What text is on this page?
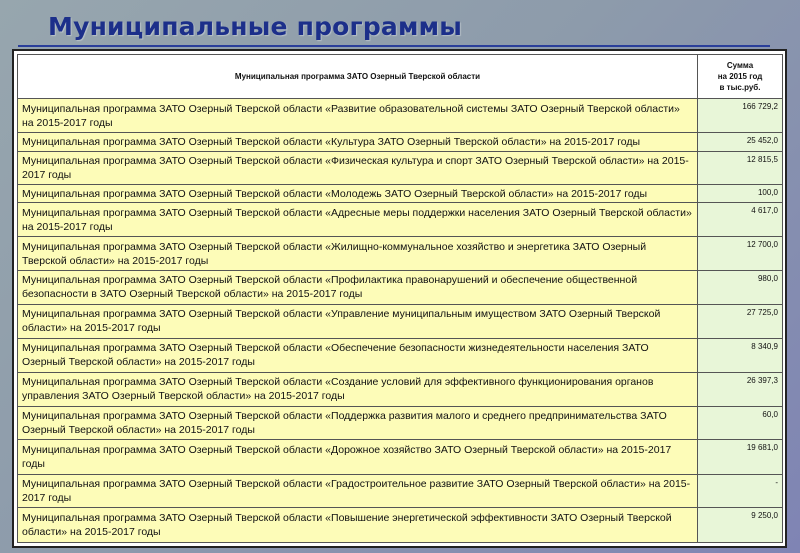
Муниципальные программы
Муниципальная программа ЗАТО Озерный Тверской области	Сумма
на 2015 год
в тыс.руб.
Муниципальная программа ЗАТО Озерный Тверской области «Развитие образовательной системы ЗАТО Озерный Тверской области» на 2015-2017 годы	166 729,2
Муниципальная программа ЗАТО Озерный Тверской области «Культура ЗАТО Озерный Тверской области» на 2015-2017 годы	25 452,0
Муниципальная программа ЗАТО Озерный Тверской области «Физическая культура и спорт ЗАТО Озерный Тверской области» на 2015-2017 годы	12 815,5
Муниципальная программа ЗАТО Озерный Тверской области «Молодежь ЗАТО Озерный Тверской области» на 2015-2017 годы	100,0
Муниципальная программа ЗАТО Озерный Тверской области «Адресные меры поддержки населения ЗАТО Озерный Тверской области» на 2015-2017 годы	4 617,0
Муниципальная программа ЗАТО Озерный Тверской области «Жилищно-коммунальное хозяйство и энергетика ЗАТО Озерный Тверской области» на 2015-2017 годы	12 700,0
Муниципальная программа ЗАТО Озерный Тверской области «Профилактика правонарушений и обеспечение общественной безопасности в ЗАТО Озерный Тверской области» на 2015-2017 годы	980,0
Муниципальная программа ЗАТО Озерный Тверской области «Управление муниципальным имуществом ЗАТО Озерный Тверской области» на 2015-2017 годы	27 725,0
Муниципальная программа ЗАТО Озерный Тверской области «Обеспечение безопасности жизнедеятельности населения ЗАТО Озерный Тверской области» на 2015-2017 годы	8 340,9
Муниципальная программа ЗАТО Озерный Тверской области «Создание условий для эффективного функционирования органов управления ЗАТО Озерный Тверской области» на 2015-2017 годы	26 397,3
Муниципальная программа ЗАТО Озерный Тверской области «Поддержка развития малого и среднего предпринимательства ЗАТО Озерный Тверской области» на 2015-2017 годы	60,0
Муниципальная программа ЗАТО Озерный Тверской области «Дорожное хозяйство ЗАТО Озерный Тверской области» на 2015-2017 годы	19 681,0
Муниципальная программа ЗАТО Озерный Тверской области «Градостроительное развитие ЗАТО Озерный Тверской области» на 2015-2017 годы	-
Муниципальная программа ЗАТО Озерный Тверской области «Повышение энергетической эффективности ЗАТО Озерный Тверской области» на 2015-2017 годы	9 250,0
